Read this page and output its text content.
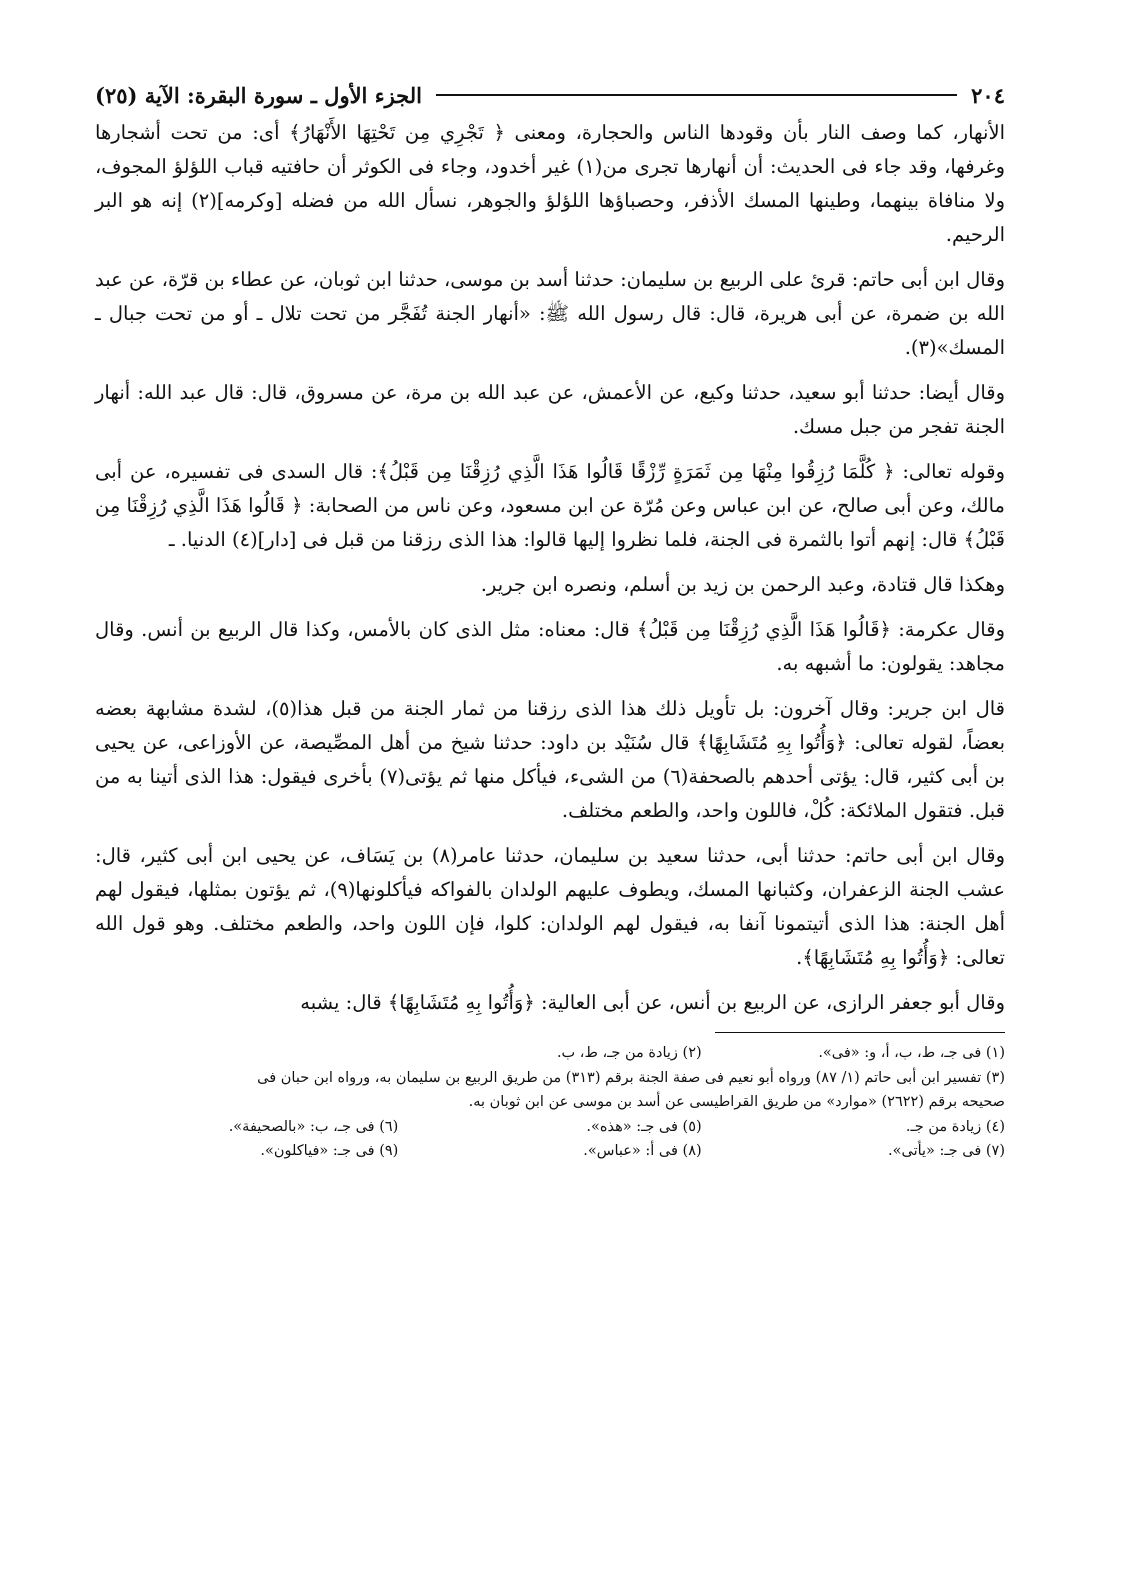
٢٠٤
الجزء الأول ـ سورة البقرة: الآية (٢٥)

الأنهار، كما وصف النار بأن وقودها الناس والحجارة، ومعنى ﴿ تَجْرِي مِن تَحْتِهَا الأَنْهَارُ﴾ أى: من تحت أشجارها وغرفها، وقد جاء فى الحديث: أن أنهارها تجرى من(١) غير أخدود، وجاء فى الكوثر أن حافتيه قباب اللؤلؤ المجوف، ولا منافاة بينهما، وطينها المسك الأذفر، وحصباؤها اللؤلؤ والجوهر، نسأل الله من فضله [وكرمه](٢) إنه هو البر الرحيم.

وقال ابن أبى حاتم: قرئ على الربيع بن سليمان: حدثنا أسد بن موسى، حدثنا ابن ثوبان، عن عطاء بن قرّة، عن عبد الله بن ضمرة، عن أبى هريرة، قال: قال رسول الله ﷺ: «أنهار الجنة تُفَجَّر من تحت تلال ـ أو من تحت جبال ـ المسك»(٣).

وقال أيضا: حدثنا أبو سعيد، حدثنا وكيع، عن الأعمش، عن عبد الله بن مرة، عن مسروق، قال: قال عبد الله: أنهار الجنة تفجر من جبل مسك.

وقوله تعالى: ﴿ كُلَّمَا رُزِقُوا مِنْهَا مِن ثَمَرَةٍ رِّزْقًا قَالُوا هَذَا الَّذِي رُزِقْنَا مِن قَبْلُ﴾: قال السدى فى تفسيره، عن أبى مالك، وعن أبى صالح، عن ابن عباس وعن مُرّة عن ابن مسعود، وعن ناس من الصحابة: ﴿ قَالُوا هَذَا الَّذِي رُزِقْنَا مِن قَبْلُ﴾ قال: إنهم أتوا بالثمرة فى الجنة، فلما نظروا إليها قالوا: هذا الذى رزقنا من قبل فى [دار](٤) الدنيا. ـ

وهكذا قال قتادة، وعبد الرحمن بن زيد بن أسلم، ونصره ابن جرير.

وقال عكرمة: ﴿قَالُوا هَذَا الَّذِي رُزِقْنَا مِن قَبْلُ﴾ قال: معناه: مثل الذى كان بالأمس، وكذا قال الربيع بن أنس. وقال مجاهد: يقولون: ما أشبهه به.

قال ابن جرير: وقال آخرون: بل تأويل ذلك هذا الذى رزقنا من ثمار الجنة من قبل هذا(٥)، لشدة مشابهة بعضه بعضاً، لقوله تعالى: ﴿وَأُتُوا بِهِ مُتَشَابِهًا﴾ قال سُنَيْد بن داود: حدثنا شيخ من أهل المصِّيصة، عن الأوزاعى، عن يحيى بن أبى كثير، قال: يؤتى أحدهم بالصحفة(٦) من الشىء، فيأكل منها ثم يؤتى(٧) بأخرى فيقول: هذا الذى أتينا به من قبل. فتقول الملائكة: كُلْ، فاللون واحد، والطعم مختلف.

وقال ابن أبى حاتم: حدثنا أبى، حدثنا سعيد بن سليمان، حدثنا عامر(٨) بن يَسَاف، عن يحيى ابن أبى كثير، قال: عشب الجنة الزعفران، وكثبانها المسك، ويطوف عليهم الولدان بالفواكه فيأكلونها(٩)، ثم يؤتون بمثلها، فيقول لهم أهل الجنة: هذا الذى أتيتمونا آنفا به، فيقول لهم الولدان: كلوا، فإن اللون واحد، والطعم مختلف. وهو قول الله تعالى: ﴿وَأُتُوا بِهِ مُتَشَابِهًا﴾.

وقال أبو جعفر الرازى، عن الربيع بن أنس، عن أبى العالية: ﴿وَأُتُوا بِهِ مُتَشَابِهًا﴾ قال: يشبه

(١) فى جـ، ط، ب، أ، و: «فى».
(٢) زيادة من جـ، ط، ب.

(٣) تفسير ابن أبى حاتم (١/ ٨٧) ورواه أبو نعيم فى صفة الجنة برقم (٣١٣) من طريق الربيع بن سليمان به، ورواه ابن حبان فى

صحيحه برقم (٢٦٢٢) «موارد» من طريق القراطيسى عن أسد بن موسى عن ابن ثوبان به.

(٤) زيادة من جـ.
(٥) فى جـ: «هذه».
(٦) فى جـ، ب: «بالصحيفة».
(٧) فى جـ: «يأتى».
(٨) فى أ: «عباس».
(٩) فى جـ: «فياكلون».
